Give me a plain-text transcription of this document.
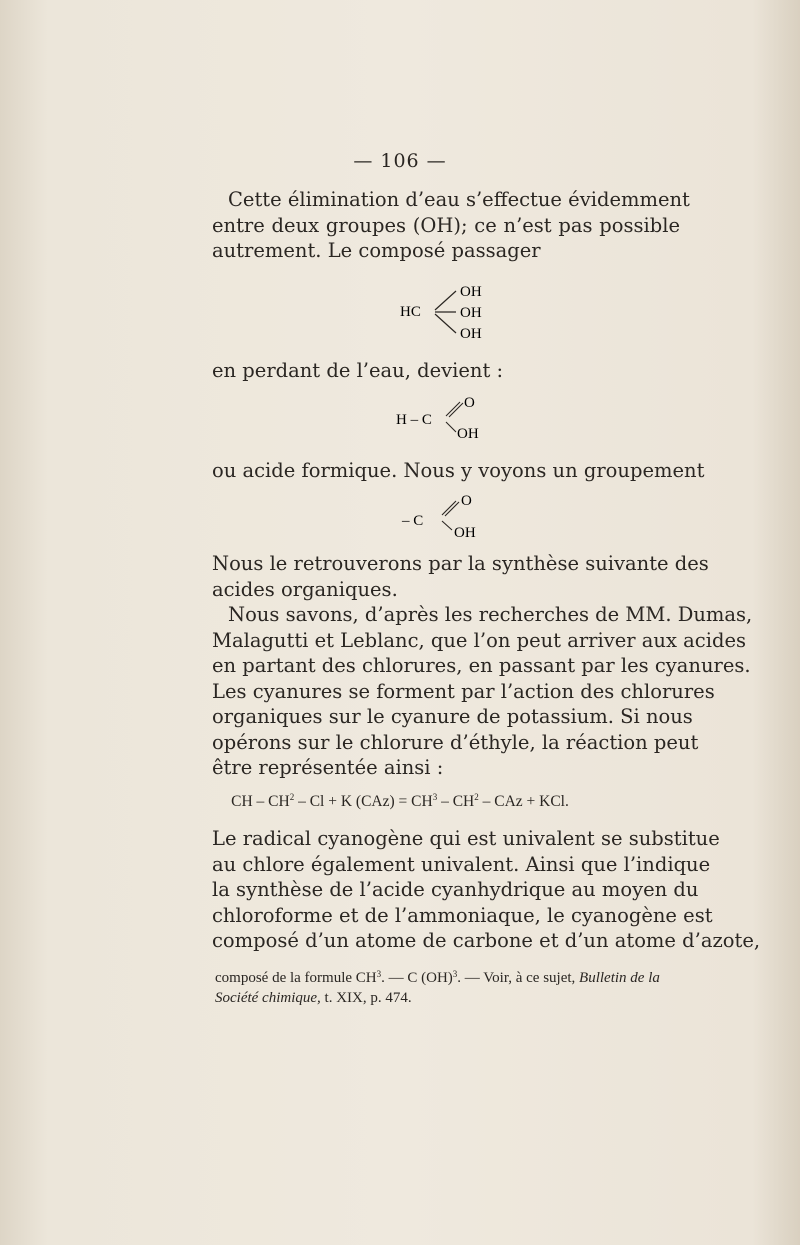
— 106 —
Cette élimination d’eau s’effectue évidemment
entre deux groupes (OH); ce n’est pas possible
autrement. Le composé passager
HC
OH
OH
OH
en perdant de l’eau, devient :
H – C
O
OH
ou acide formique. Nous y voyons un groupement
– C
O
OH
Nous le retrouverons par la synthèse suivante des
acides organiques.
Nous savons, d’après les recherches de MM. Dumas,
Malagutti et Leblanc, que l’on peut arriver aux acides
en partant des chlorures, en passant par les cyanures.
Les cyanures se forment par l’action des chlorures
organiques sur le cyanure de potassium. Si nous
opérons sur le chlorure d’éthyle, la réaction peut
être représentée ainsi :
CH – $CH^2 - Cl + K$ $(CAz) = CH^3 - CH^2$ – CAz + KCl.
Le radical cyanogène qui est univalent se substitue
au chlore également univalent. Ainsi que l’indique
la synthèse de l’acide cyanhydrique au moyen du
chloroforme et de l’ammoniaque, le cyanogène est
composé d’un atome de carbone et d’un atome d’azote,
composé de la formule $CH^3$. — C (OH)$^3$. — Voir, à ce sujet, Bulletin de la Société chimique, t. XIX, p. 474.
